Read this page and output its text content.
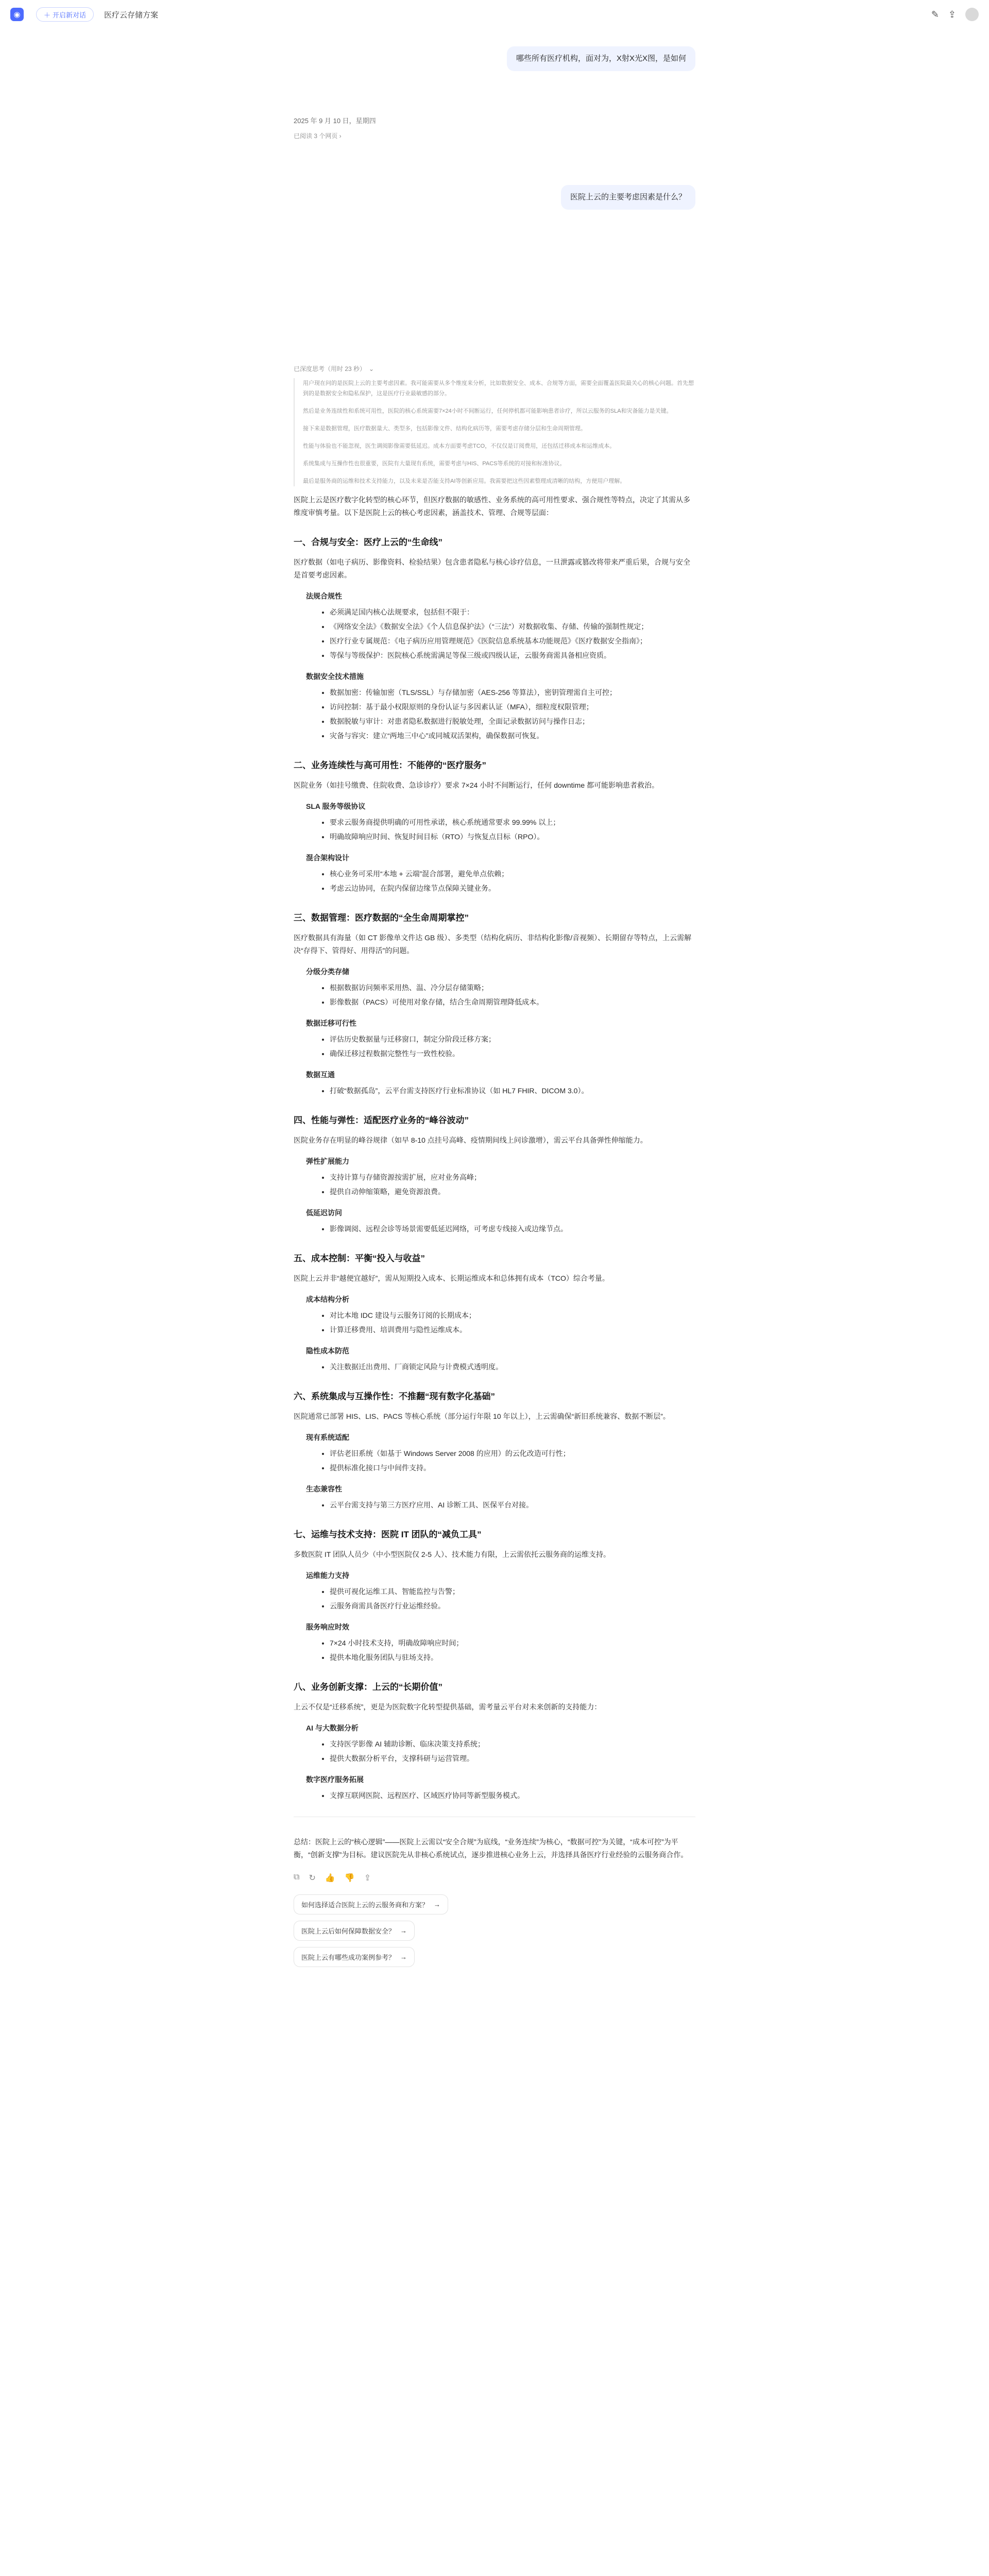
◉	＋ 开启新对话 医疗云存储方案	✎ ⇪
哪些所有医疗机构，面对为，X射X光X图，是如何
2025 年 9 月 10 日，星期四
已阅读 3 个网页 ›
医院上云的主要考虑因素是什么？
已深度思考（用时 23 秒） ⌄

用户现在问的是医院上云的主要考虑因素。我可能需要从多个维度来分析，比如数据安全、成本、合规等方面，需要全面覆盖医院最关心的核心问题。首先想到的是数据安全和隐私保护，这是医疗行业最敏感的部分。

然后是业务连续性和系统可用性，医院的核心系统需要7×24小时不间断运行，任何停机都可能影响患者诊疗，所以云服务的SLA和灾备能力是关键。

接下来是数据管理，医疗数据量大、类型多，包括影像文件、结构化病历等，需要考虑存储分层和生命周期管理。

性能与体验也不能忽视，医生调阅影像需要低延迟。成本方面要考虑TCO，不仅仅是订阅费用，还包括迁移成本和运维成本。

系统集成与互操作性也很重要，医院有大量现有系统，需要考虑与HIS、PACS等系统的对接和标准协议。

最后是服务商的运维和技术支持能力，以及未来是否能支持AI等创新应用。我需要把这些因素整理成清晰的结构，方便用户理解。

医院上云是医疗数字化转型的核心环节，但医疗数据的敏感性、业务系统的高可用性要求、强合规性等特点，决定了其需从多维度审慎考量。以下是医院上云的核心考虑因素，涵盖技术、管理、合规等层面：

一、合规与安全：医疗上云的“生命线”

医疗数据（如电子病历、影像资料、检验结果）包含患者隐私与核心诊疗信息，一旦泄露或篡改将带来严重后果，合规与安全是首要考虑因素。

法规合规性
• 必须满足国内核心法规要求，包括但不限于：
• 《网络安全法》《数据安全法》《个人信息保护法》（“三法”）对数据收集、存储、传输的强制性规定；
• 医疗行业专属规范：《电子病历应用管理规范》《医院信息系统基本功能规范》《医疗数据安全指南》；
• 等保与等级保护：医院核心系统需满足等保三级或四级认证，云服务商需具备相应资质。
数据安全技术措施
• 数据加密：传输加密（TLS/SSL）与存储加密（AES-256 等算法），密钥管理需自主可控；
• 访问控制：基于最小权限原则的身份认证与多因素认证（MFA），细粒度权限管理；
• 数据脱敏与审计：对患者隐私数据进行脱敏处理，全面记录数据访问与操作日志；
• 灾备与容灾：建立“两地三中心”或同城双活架构，确保数据可恢复。
二、业务连续性与高可用性：不能停的“医疗服务”

医院业务（如挂号缴费、住院收费、急诊诊疗）要求 7×24 小时不间断运行，任何 downtime 都可能影响患者救治。

SLA 服务等级协议
• 要求云服务商提供明确的可用性承诺，核心系统通常要求 99.99% 以上；
• 明确故障响应时间、恢复时间目标（RTO）与恢复点目标（RPO）。
混合架构设计
• 核心业务可采用“本地 + 云端”混合部署，避免单点依赖；
• 考虑云边协同，在院内保留边缘节点保障关键业务。
三、数据管理：医疗数据的“全生命周期掌控”

医疗数据具有海量（如 CT 影像单文件达 GB 级）、多类型（结构化病历、非结构化影像/音视频）、长期留存等特点，上云需解决“存得下、管得好、用得活”的问题。

分级分类存储
• 根据数据访问频率采用热、温、冷分层存储策略；
• 影像数据（PACS）可使用对象存储，结合生命周期管理降低成本。
数据迁移可行性
• 评估历史数据量与迁移窗口，制定分阶段迁移方案；
• 确保迁移过程数据完整性与一致性校验。
数据互通
• 打破“数据孤岛”，云平台需支持医疗行业标准协议（如 HL7 FHIR、DICOM 3.0）。
四、性能与弹性：适配医疗业务的“峰谷波动”

医院业务存在明显的峰谷规律（如早 8-10 点挂号高峰、疫情期间线上问诊激增），需云平台具备弹性伸缩能力。

弹性扩展能力
• 支持计算与存储资源按需扩展，应对业务高峰；
• 提供自动伸缩策略，避免资源浪费。
低延迟访问
• 影像调阅、远程会诊等场景需要低延迟网络，可考虑专线接入或边缘节点。
五、成本控制：平衡“投入与收益”

医院上云并非“越便宜越好”，需从短期投入成本、长期运维成本和总体拥有成本（TCO）综合考量。

成本结构分析
• 对比本地 IDC 建设与云服务订阅的长期成本；
• 计算迁移费用、培训费用与隐性运维成本。
隐性成本防范
• 关注数据迁出费用、厂商锁定风险与计费模式透明度。
六、系统集成与互操作性：不推翻“现有数字化基础”

医院通常已部署 HIS、LIS、PACS 等核心系统（部分运行年限 10 年以上），上云需确保“新旧系统兼容、数据不断层”。

现有系统适配
• 评估老旧系统（如基于 Windows Server 2008 的应用）的云化改造可行性；
• 提供标准化接口与中间件支持。
生态兼容性
• 云平台需支持与第三方医疗应用、AI 诊断工具、医保平台对接。
七、运维与技术支持：医院 IT 团队的“减负工具”

多数医院 IT 团队人员少（中小型医院仅 2-5 人）、技术能力有限，上云需依托云服务商的运维支持。

运维能力支持
• 提供可视化运维工具、智能监控与告警；
• 云服务商需具备医疗行业运维经验。
服务响应时效
• 7×24 小时技术支持，明确故障响应时间；
• 提供本地化服务团队与驻场支持。
八、业务创新支撑：上云的“长期价值”

上云不仅是“迁移系统”，更是为医院数字化转型提供基础，需考量云平台对未来创新的支持能力：

AI 与大数据分析
• 支持医学影像 AI 辅助诊断、临床决策支持系统；
• 提供大数据分析平台，支撑科研与运营管理。
数字医疗服务拓展
• 支撑互联网医院、远程医疗、区域医疗协同等新型服务模式。

总结：医院上云的“核心逻辑”——医院上云需以“安全合规”为底线，“业务连续”为核心，“数据可控”为关键，“成本可控”为平衡，“创新支撑”为目标。建议医院先从非核心系统试点，逐步推进核心业务上云，并选择具备医疗行业经验的云服务商合作。

⧉ ↻ 👍 👎 ⇪
如何选择适合医院上云的云服务商和方案？ →
医院上云后如何保障数据安全？ →
医院上云有哪些成功案例参考？ →
